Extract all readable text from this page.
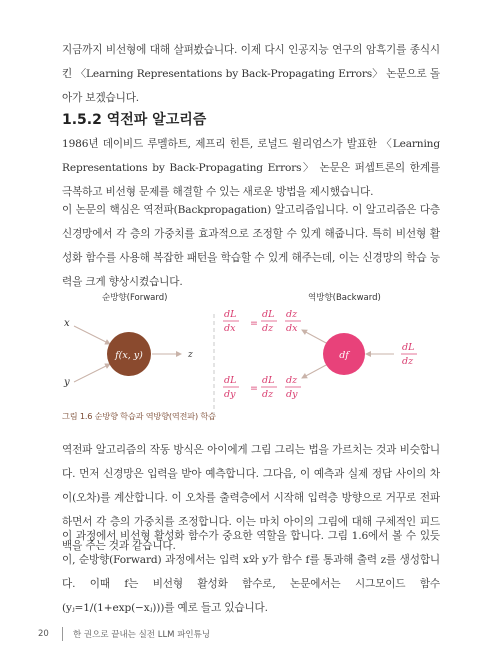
지금까지 비선형에 대해 살펴봤습니다. 이제 다시 인공지능 연구의 암흑기를 종식시킨 〈Learning Representations by Back-Propagating Errors〉 논문으로 돌아가 보겠습니다.

1.5.2 역전파 알고리즘

1986년 데이비드 루멜하트, 제프리 힌튼, 로널드 윌리엄스가 발표한 〈Learning Representations by Back-Propagating Errors〉 논문은 퍼셉트론의 한계를 극복하고 비선형 문제를 해결할 수 있는 새로운 방법을 제시했습니다.

이 논문의 핵심은 역전파(Backpropagation) 알고리즘입니다. 이 알고리즘은 다층 신경망에서 각 층의 가중치를 효과적으로 조정할 수 있게 해줍니다. 특히 비선형 활성화 함수를 사용해 복잡한 패턴을 학습할 수 있게 해주는데, 이는 신경망의 학습 능력을 크게 향상시켰습니다.

순방향(Forward)	역방향(Backward)
x
y
f(x, y)	z
dL dx =
dL dz
dz dx
df
dL dz
dL dy
=
dL dz
dz dy
그림 1.6 순방향 학습과 역방향(역전파) 학습

역전파 알고리즘의 작동 방식은 아이에게 그림 그리는 법을 가르치는 것과 비슷합니다. 먼저 신경망은 입력을 받아 예측합니다. 그다음, 이 예측과 실제 정답 사이의 차이(오차)를 계산합니다. 이 오차를 출력층에서 시작해 입력층 방향으로 거꾸로 전파하면서 각 층의 가중치를 조정합니다. 이는 마치 아이의 그림에 대해 구체적인 피드백을 주는 것과 같습니다.

이 과정에서 비선형 활성화 함수가 중요한 역할을 합니다. 그림 1.6에서 볼 수 있듯이, 순방향(Forward) 과정에서는 입력 x와 y가 함수 f를 통과해 출력 z를 생성합니다. 이때 f는 비선형 활성화 함수로, 논문에서는 시그모이드 함수(yⱼ=1/(1+exp(−xⱼ)))를 예로 들고 있습니다.

20	한 권으로 끝내는 실전 LLM 파인튜닝
